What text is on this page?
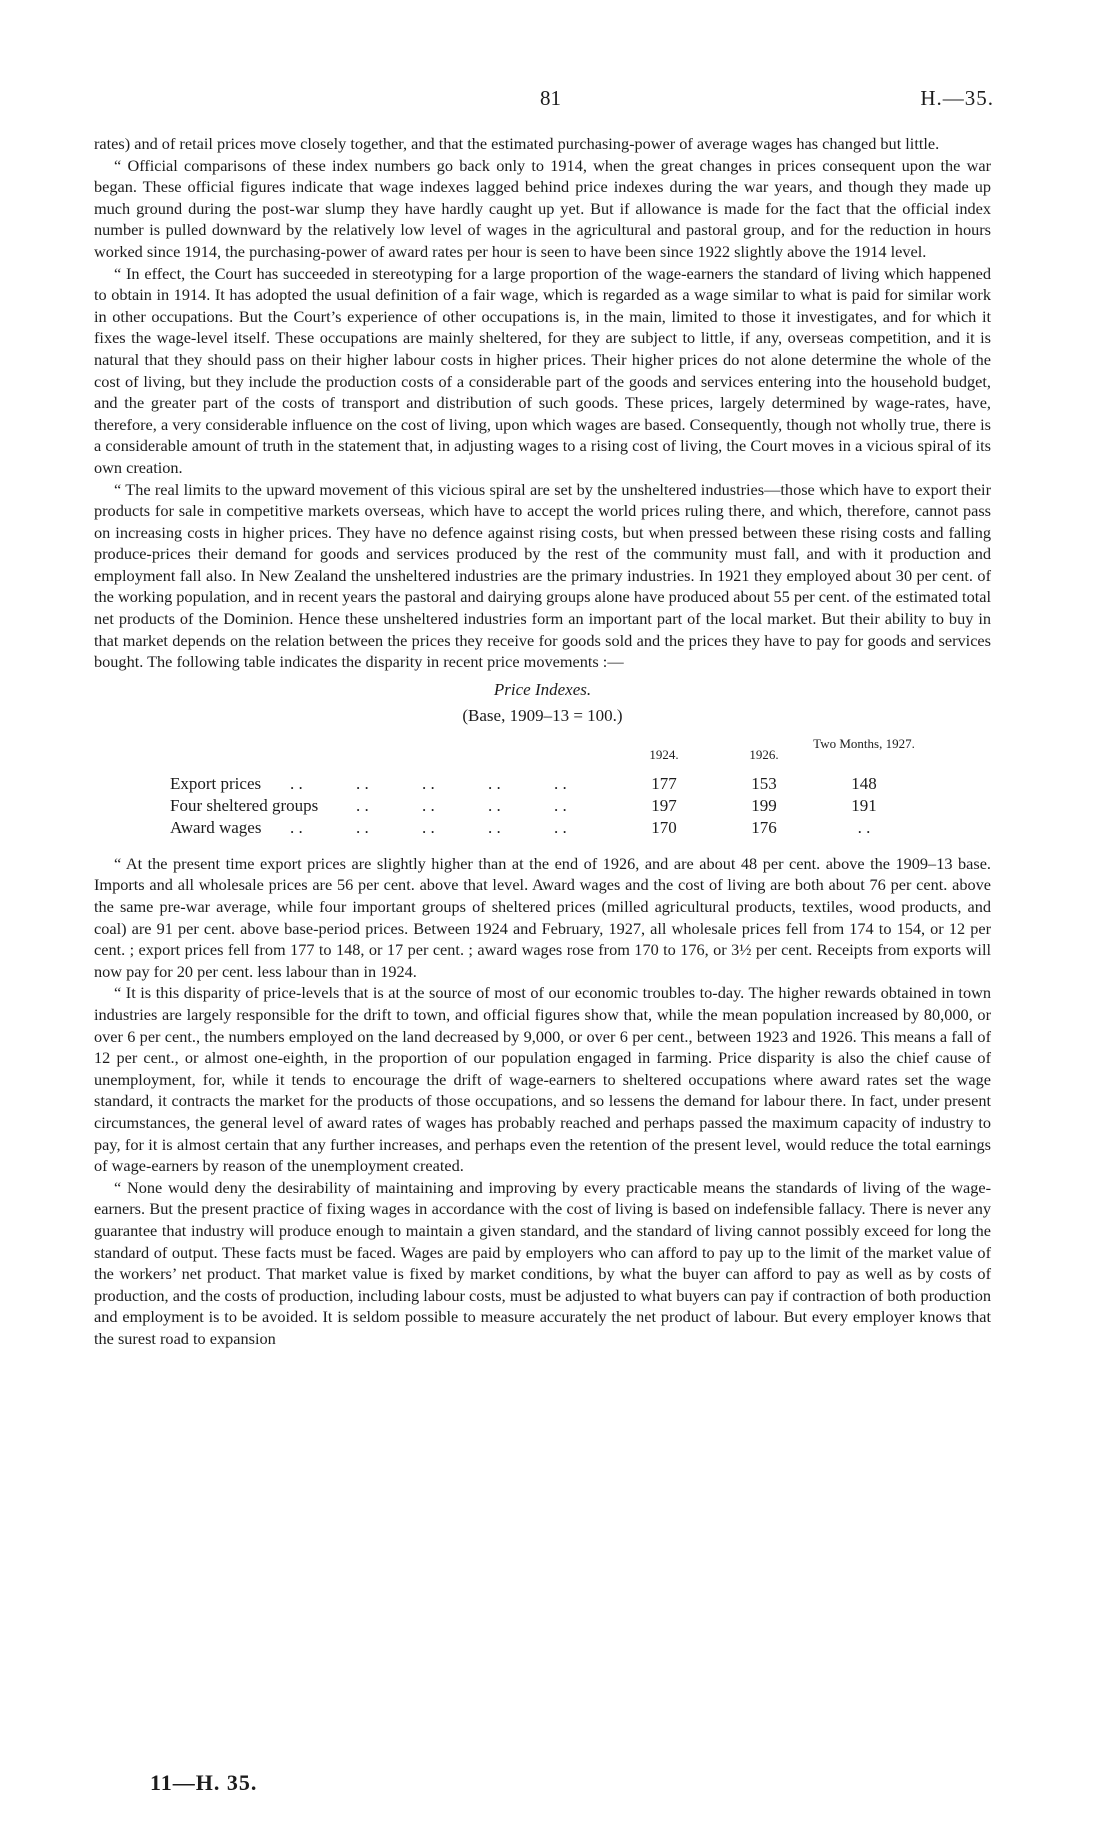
81	H.—35.

rates) and of retail prices move closely together, and that the estimated purchasing-power of average wages has changed but little.

“ Official comparisons of these index numbers go back only to 1914, when the great changes in prices consequent upon the war began. These official figures indicate that wage indexes lagged behind price indexes during the war years, and though they made up much ground during the post-war slump they have hardly caught up yet. But if allowance is made for the fact that the official index number is pulled downward by the relatively low level of wages in the agricultural and pastoral group, and for the reduction in hours worked since 1914, the purchasing-power of award rates per hour is seen to have been since 1922 slightly above the 1914 level.

“ In effect, the Court has succeeded in stereotyping for a large proportion of the wage-earners the standard of living which happened to obtain in 1914. It has adopted the usual definition of a fair wage, which is regarded as a wage similar to what is paid for similar work in other occupations. But the Court’s experience of other occupations is, in the main, limited to those it investigates, and for which it fixes the wage-level itself. These occupations are mainly sheltered, for they are subject to little, if any, overseas competition, and it is natural that they should pass on their higher labour costs in higher prices. Their higher prices do not alone determine the whole of the cost of living, but they include the production costs of a considerable part of the goods and services entering into the household budget, and the greater part of the costs of transport and distribution of such goods. These prices, largely determined by wage-rates, have, therefore, a very considerable influence on the cost of living, upon which wages are based. Consequently, though not wholly true, there is a considerable amount of truth in the statement that, in adjusting wages to a rising cost of living, the Court moves in a vicious spiral of its own creation.

“ The real limits to the upward movement of this vicious spiral are set by the unsheltered industries—those which have to export their products for sale in competitive markets overseas, which have to accept the world prices ruling there, and which, therefore, cannot pass on increasing costs in higher prices. They have no defence against rising costs, but when pressed between these rising costs and falling produce-prices their demand for goods and services produced by the rest of the community must fall, and with it production and employment fall also. In New Zealand the unsheltered industries are the primary industries. In 1921 they employed about 30 per cent. of the working population, and in recent years the pastoral and dairying groups alone have produced about 55 per cent. of the estimated total net products of the Dominion. Hence these unsheltered industries form an important part of the local market. But their ability to buy in that market depends on the relation between the prices they receive for goods sold and the prices they have to pay for goods and services bought. The following table indicates the disparity in recent price movements :—

Price Indexes.
(Base, 1909–13 = 100.)
1924.	1926.
Two Months, 1927.
Export prices . .	. .	. .	. .	. .	177	153	148
Four sheltered groups . .	. .	. .	. .	197	199	191
Award wages . .	. .	. .	. .	. .	170	176	. .

“ At the present time export prices are slightly higher than at the end of 1926, and are about 48 per cent. above the 1909–13 base. Imports and all wholesale prices are 56 per cent. above that level. Award wages and the cost of living are both about 76 per cent. above the same pre-war average, while four important groups of sheltered prices (milled agricultural products, textiles, wood products, and coal) are 91 per cent. above base-period prices. Between 1924 and February, 1927, all wholesale prices fell from 174 to 154, or 12 per cent. ; export prices fell from 177 to 148, or 17 per cent. ; award wages rose from 170 to 176, or 3½ per cent. Receipts from exports will now pay for 20 per cent. less labour than in 1924.

“ It is this disparity of price-levels that is at the source of most of our economic troubles to-day. The higher rewards obtained in town industries are largely responsible for the drift to town, and official figures show that, while the mean population increased by 80,000, or over 6 per cent., the numbers employed on the land decreased by 9,000, or over 6 per cent., between 1923 and 1926. This means a fall of 12 per cent., or almost one-eighth, in the proportion of our population engaged in farming. Price disparity is also the chief cause of unemployment, for, while it tends to encourage the drift of wage-earners to sheltered occupations where award rates set the wage standard, it contracts the market for the products of those occupations, and so lessens the demand for labour there. In fact, under present circumstances, the general level of award rates of wages has probably reached and perhaps passed the maximum capacity of industry to pay, for it is almost certain that any further increases, and perhaps even the retention of the present level, would reduce the total earnings of wage-earners by reason of the unemployment created.

“ None would deny the desirability of maintaining and improving by every practicable means the standards of living of the wage-earners. But the present practice of fixing wages in accordance with the cost of living is based on indefensible fallacy. There is never any guarantee that industry will produce enough to maintain a given standard, and the standard of living cannot possibly exceed for long the standard of output. These facts must be faced. Wages are paid by employers who can afford to pay up to the limit of the market value of the workers’ net product. That market value is fixed by market conditions, by what the buyer can afford to pay as well as by costs of production, and the costs of production, including labour costs, must be adjusted to what buyers can pay if contraction of both production and employment is to be avoided. It is seldom possible to measure accurately the net product of labour. But every employer knows that the surest road to expansion

11—H. 35.
